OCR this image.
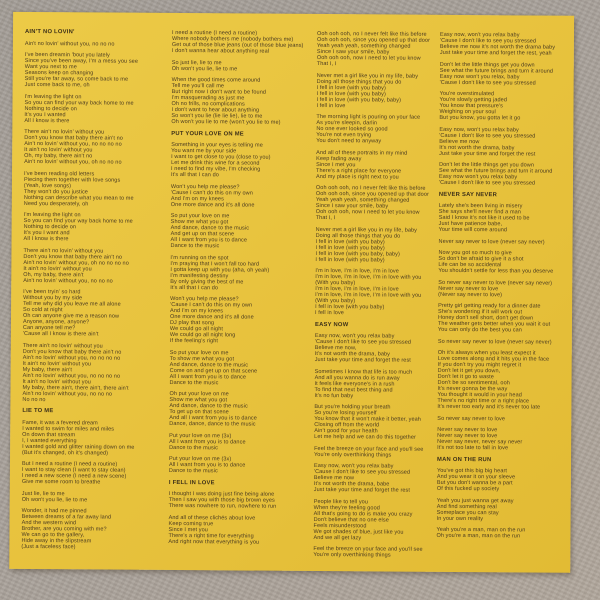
AIN'T NO LOVIN'
Ain't no lovin' without you, no no no
I've been dreamin 'bout you lately
Since you've been away, I'm a mess you see
Want you next to me
Seasons keep on changing
Still you're far away, so come back to me
Just come back to me, oh
I'm leaving the light on
So you can find your way back home to me
Nothing to decide on
It's you I wanted
All I know is there
There ain't no lovin' without you
Don't you know that baby there ain't no
Ain't no lovin' without you, no no no no
It ain't no lovin' without you
Oh, my baby, there ain't no
Ain't no lovin' without you, oh no no no
I've been reading old letters
Piecing them together with love songs
(Yeah, love songs)
They won't do you justice
Nothing can describe what you mean to me
Need you desperately, oh
I'm leaving the light on
So you can find your way back home to me
Nothing to decide on
It's you I want and
All I know is there
There ain't no lovin' without you
Don't you know that baby there ain't no
Ain't no lovin' without you, oh no no no no
It ain't no lovin' without you
Oh, my baby, there ain't
Ain't no lovin' without you, no no no
I've been tryin' so hard
Without you by my side
Tell me why did you leave me all alone
So cold at night
Oh can anyone give me a reason now
Anyone, anyone, anyone?
Can anyone tell me?
'Cause all I know is there ain't
There ain't no lovin' without you
Don't you know that baby there ain't no
Ain't no lovin' without you, no no no no
It ain't no lovin' without you
My baby, there ain't
Ain't no lovin' without you, no no no no
It ain't no lovin' without you
My baby, there ain't, there ain't, there ain't
Ain't no lovin' without you, no no no
No no no
LIE TO ME
Fame, it was a fevered dream
I wanted to swim for miles and miles
On down that stream
I, I wanted everything
I wanted gold and glitter raining down on me
(But it's changed, oh it's changed)
But I need a routine (I need a routine)
I want to stay clean (I want to stay clean)
I need a new scene (I need a new scene)
Give me some room to breathe
Just lie, lie to me
Oh won't you lie, lie to me
Wonder, it had me pinned
Between dreams of a far away land
And the western wind
Brother, are you coming with me?
We can go to the gallery,
Hide away in the slipstream
(Just a faceless face)
I need a routine (I need a routine)
Where nobody bothers me (nobody bothers me)
Get out of those blue jeans (out of those blue jeans)
I don't wanna hear about anything real
So just lie, lie to me
Oh won't you lie, lie to me
When the good times come around
Tell me you'll call me
But right now I don't want to be found
I'm masquerading as just me
Oh no frills, no complications
I don't want to hear about anything
So won't you lie (lie lie lie), lie to me
Oh won't you lie to me (won't you lie to me)
PUT YOUR LOVE ON ME
Something in your eyes is telling me
You want me by your side
I want to get close to you (close to you)
Let me drink this wine for a second
I need to find my vibe, I'm checking
It's all that I can do
Won't you help me please?
'Cause I can't do this on my own
And I'm on my knees
One more dance and it's all done
So put your love on me
Show me what you got
And dance, dance to the music
And get up on that scene
All I want from you is to dance
Dance to the music
I'm running on the spot
I'm praying that I won't fall too hard
I gotta keep up with you (aha, oh yeah)
I'm manifesting destiny
By only giving the best of me
It's all that I can do
Won't you help me please?
'Cause I can't do this on my own
And I'm on my knees
One more dance and it's all done
DJ play that song
We could go all night
We could go all night long
If the feeling's right
So put your love on me
To show me what you got
And dance, dance to the music
Come on and get up on that scene
All I want from you is to dance
Dance to the music
Oh put your love on me
Show me what you got
And dance, dance to the music
To get up on that scene
And all I want from you is to dance
Dance, dance, dance to the music
Put your love on me (3x)
All I want from you is to dance
Dance to the music
Put your love on me (3x)
All I want from you is to dance
Dance to the music
I FELL IN LOVE
I thought I was doing just fine being alone
Then I saw you with those big brown eyes
There was nowhere to run, nowhere to run
And all of these clichés about love
Keep coming true
Since I met you
There's a right time for everything
And right now that everything is you
Ooh ooh ooh, no I never felt like this before
Ooh ooh ooh, since you opened up that door
Yeah yeah yeah, something changed
Since I saw your smile, baby
Ooh ooh ooh, now I need to let you know
That I, I
Never met a girl like you in my life, baby
Doing all those things that you do
I fell in love (with you baby)
I fell in love (with you baby)
I fell in love (with you baby, baby)
I fell in love
The morning light is pouring on your face
As you're sleepin, darlin
No one ever looked so good
You're not even trying
You don't need to anyway
And all of these portraits in my mind
Keep fading away
Since I met you
There's a right place for everyone
And my place is right next to you
Ooh ooh ooh, no I never felt like this before
Ooh ooh ooh, since you opened up that door
Yeah yeah yeah, something changed
Since I saw your smile, baby
Ooh ooh ooh, now I need to let you know
That I, I
Never met a girl like you in my life, baby
Doing all those things that you do
I fell in love (with you baby)
I fell in love (with you baby)
I fell in love (with you baby, baby)
I fell in love (with you baby)
I'm in love, I'm in love, I'm in love
I'm in love, I'm in love, I'm in love with you
(With you baby)
I'm in love, I'm in love, I'm in love
I'm in love, I'm in love, I'm in love with you
(With you baby)
I fell in love (with you baby)
I fell in love
EASY NOW
Easy now, won't you relax baby
'Cause I don't like to see you stressed
Believe me now,
It's not worth the drama, baby
Just take your time and forget the rest
Sometimes I know that life is too much
And all you wanna do is run away
It feels like everyone's in a rush
To find that next best thing and
It's no fun baby
But you're holding your breath
So you're losing yourself
You know that it won't make it better, yeah
Closing off from the world
Ain't good for your health
Let me help and we can do this together
Feel the breeze on your face and you'll see
You're only overthinking things
Easy now, won't you relax baby
'Cause I don't like to see you stressed
Believe me now
It's not worth the drama, babe
Just take your time and forget the rest
People like to tell you
When they're feeling good
All that's going to do is make you crazy
Don't believe that no one else
Feels misunderstood
We got shades of blue, just like you
And we all get lazy
Feel the breeze on your face and you'll see
You're only overthinking things
Easy now, won't you relax baby
'Cause I don't like to see you stressed
Believe me now it's not worth the drama baby
Just take your time and forget the rest, yeah
Don't let the little things get you down
See what the future brings and turn it around
Easy now won't you relax, baby
'Cause I don't like to see you stressed
You're overstimulated
You're slowly getting jaded
You know that pressure's
Weighing on your soul
But you know, you gotta let it go
Easy now, won't you relax baby
'Cause I don't like to see you stressed
Believe me now
It's not worth the drama, baby
Just take your time and forget the rest
Don't let the little things get you down
See what the future brings and turn it around
Easy now won't you relax baby
'Cause I don't like to see you stressed
NEVER SAY NEVER
Lately she's been living in misery
She says she'll never find a man
Said I know it's not like it used to be
Just have patience babe,
Your time will come around
Never say never to love (never say never)
Now you got so much to give
So don't be afraid to give it a shot
Life can be so accidental
You shouldn't settle for less than you deserve
So never say never to love (never say never)
Never say never to love
(Never say never to love)
Pretty girl getting ready for a dinner date
She's wondering if it will work out
Honey don't sell short, don't get down
The weather gets better when you wait it out
You can only do the best you can
So never say never to love (never say never)
Oh it's always when you least expect it
Love comes along and it hits you in the face
If you don't try you might regret it
Don't let it get you down,
Don't let it go to waste
Don't be so sentimental, ooh
It's never gonna be the way
You thought it would in your head
There's no right time or a right place
It's never too early and it's never too late
So never say never to love
Never say never to love
Never say never to love
Never say never, never say never
It's not too late to fall in love
MAN ON THE RUN
You've got this big big heart
And you wear it on your sleeve
But you don't wanna be a part
Of this fucked up society
Yeah you just wanna get away
And find something real
Someplace you can stay
In your own reality
Yeah you're a man, man on the run
Oh you're a man, man on the run
